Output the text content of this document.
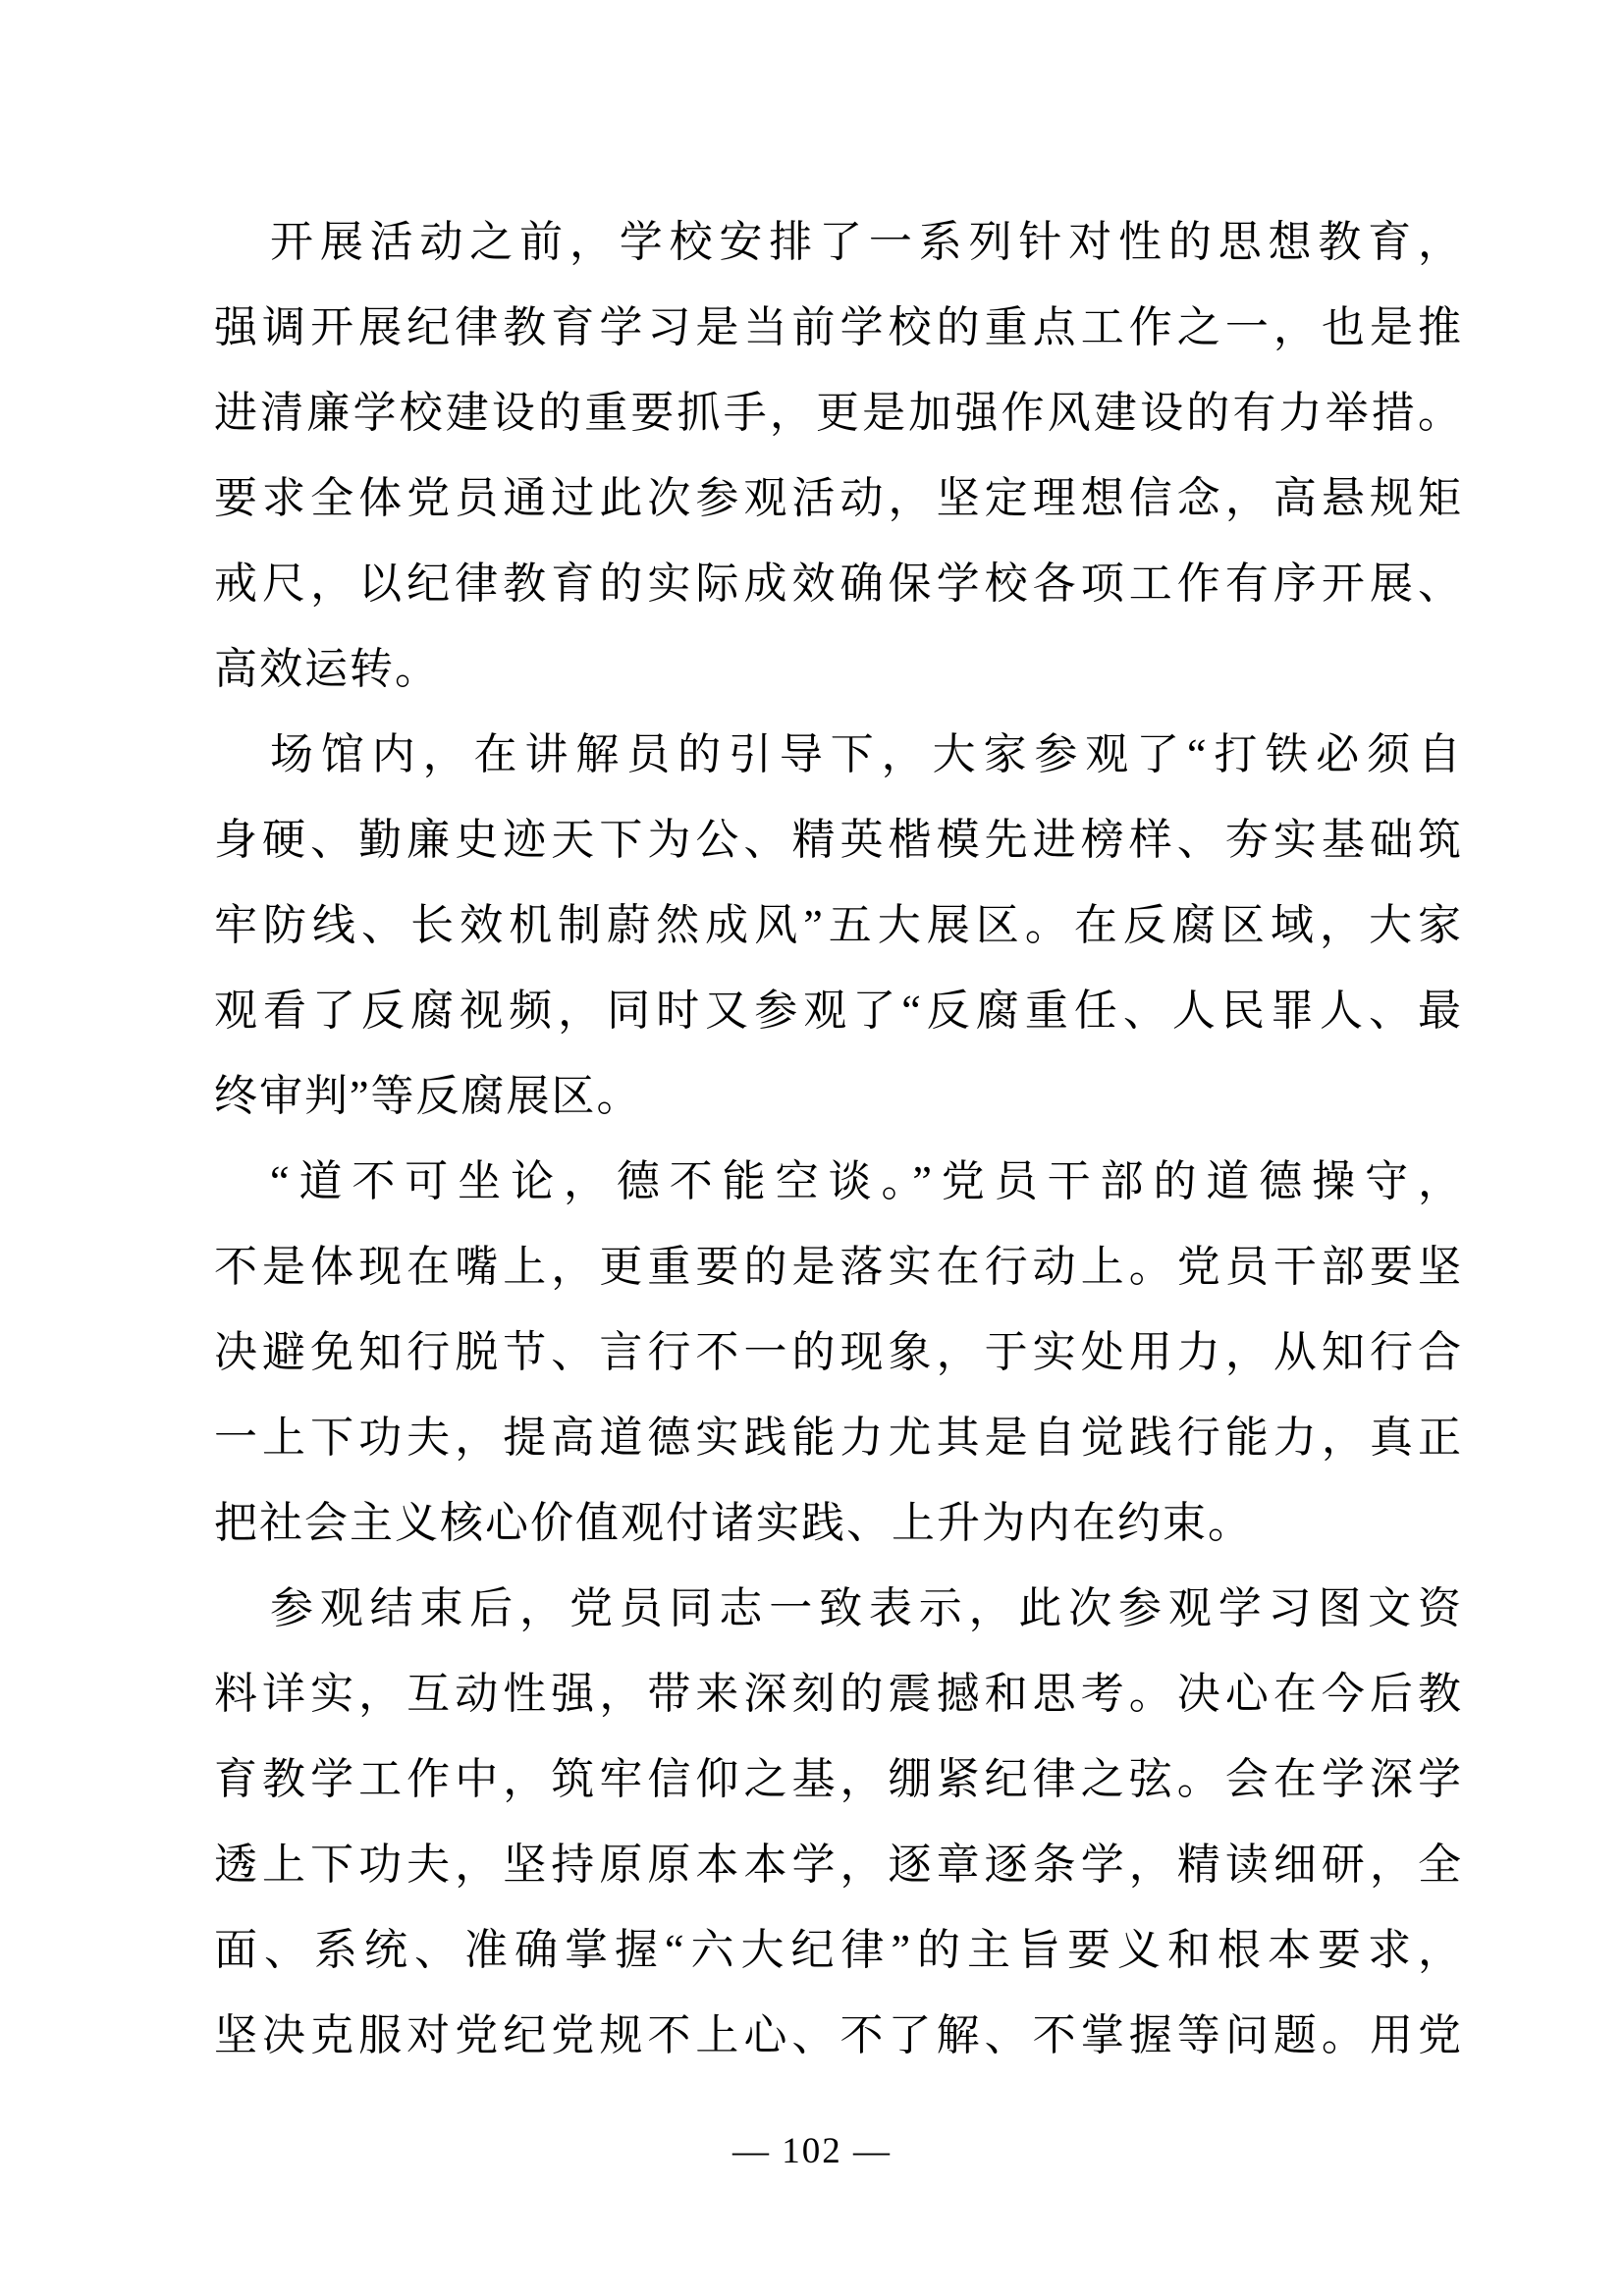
开展活动之前，学校安排了一系列针对性的思想教育，
强调开展纪律教育学习是当前学校的重点工作之一，也是推
进清廉学校建设的重要抓手，更是加强作风建设的有力举措。
要求全体党员通过此次参观活动，坚定理想信念，高悬规矩
戒尺，以纪律教育的实际成效确保学校各项工作有序开展、
高效运转。
场馆内，在讲解员的引导下，大家参观了“打铁必须自
身硬、勤廉史迹天下为公、精英楷模先进榜样、夯实基础筑
牢防线、长效机制蔚然成风”五大展区。在反腐区域，大家
观看了反腐视频，同时又参观了“反腐重任、人民罪人、最
终审判”等反腐展区。
“道不可坐论，德不能空谈。”党员干部的道德操守，
不是体现在嘴上，更重要的是落实在行动上。党员干部要坚
决避免知行脱节、言行不一的现象，于实处用力，从知行合
一上下功夫，提高道德实践能力尤其是自觉践行能力，真正
把社会主义核心价值观付诸实践、上升为内在约束。
参观结束后，党员同志一致表示，此次参观学习图文资
料详实，互动性强，带来深刻的震撼和思考。决心在今后教
育教学工作中，筑牢信仰之基，绷紧纪律之弦。会在学深学
透上下功夫，坚持原原本本学，逐章逐条学，精读细研，全
面、系统、准确掌握“六大纪律”的主旨要义和根本要求，
坚决克服对党纪党规不上心、不了解、不掌握等问题。用党
— 102 —
